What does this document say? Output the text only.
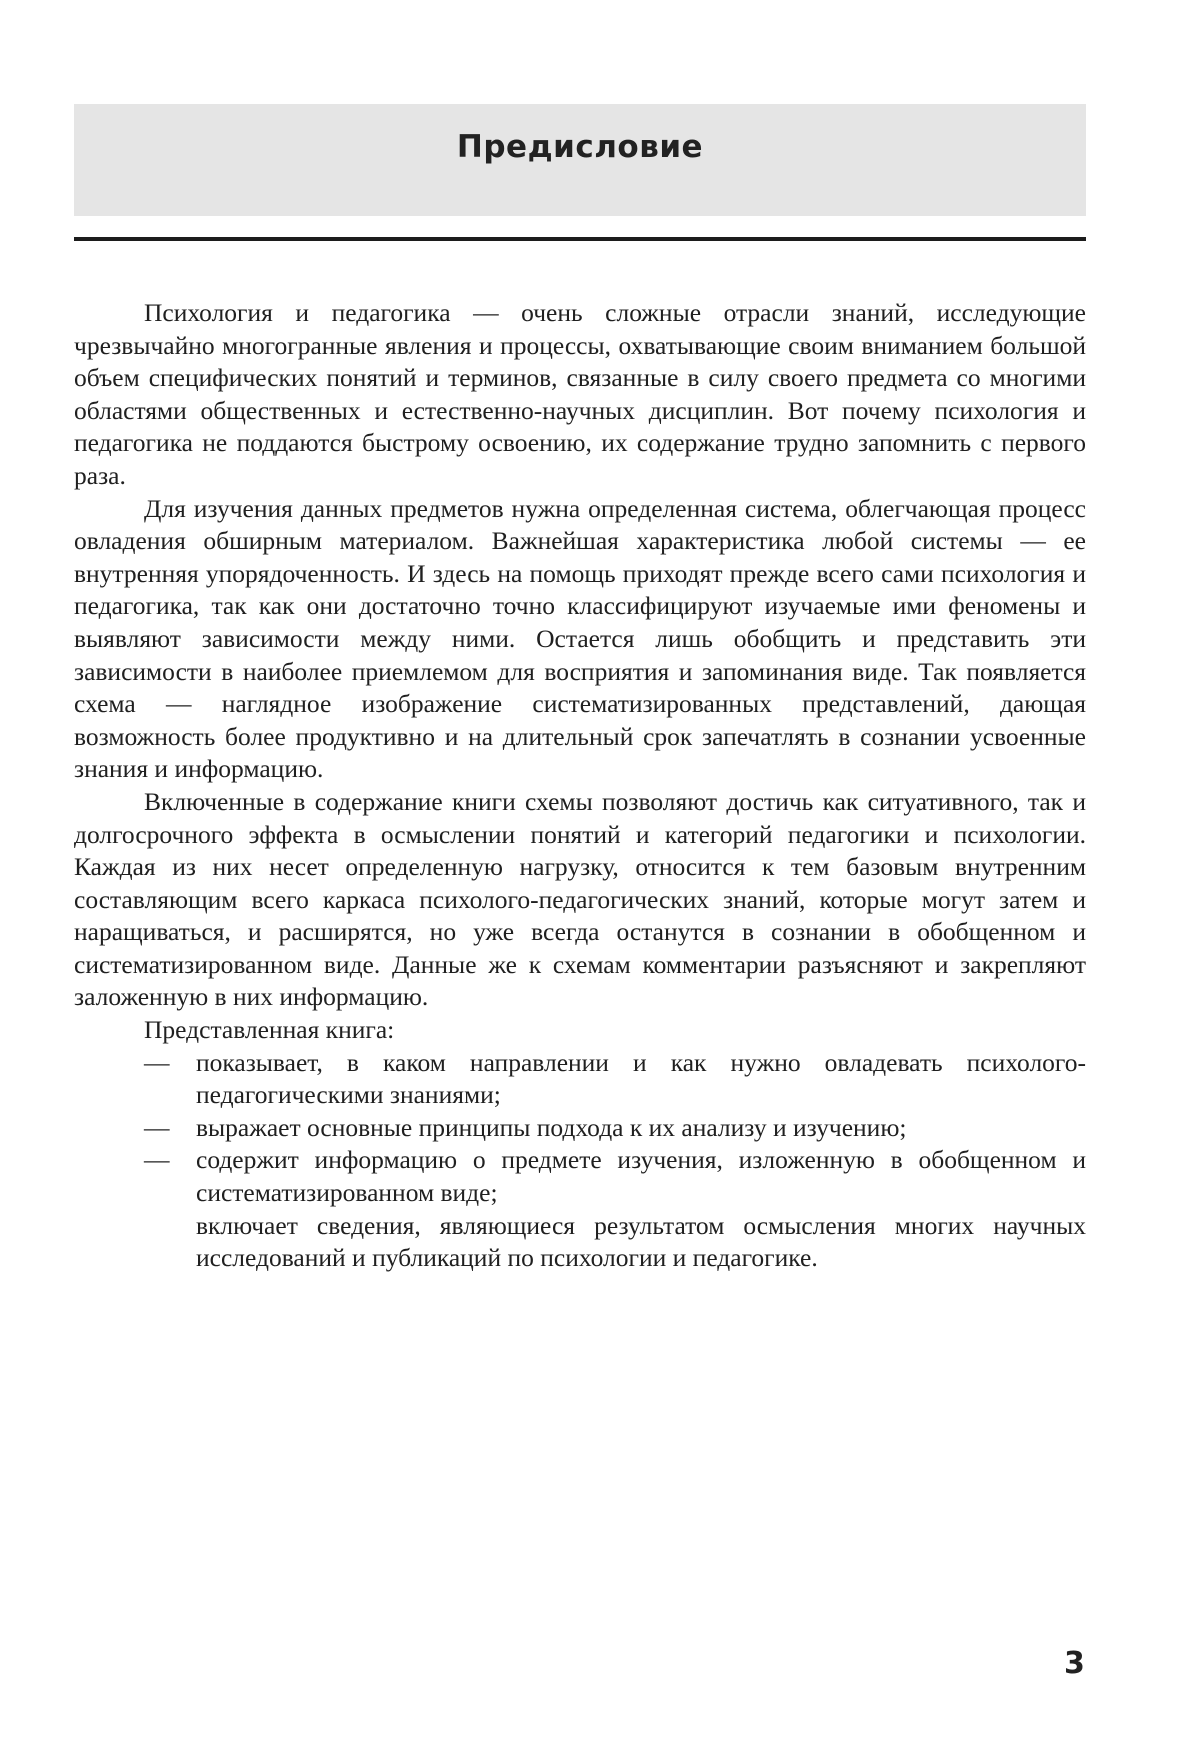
Предисловие

Психология и педагогика — очень сложные отрасли знаний, исследующие чрезвычайно многогранные явления и процессы, охватывающие своим вниманием большой объем специфических понятий и терминов, связанные в силу своего предмета со многими областями общественных и естественно-научных дисциплин. Вот почему психология и педагогика не поддаются быстрому освоению, их содержание трудно запомнить с первого раза.

Для изучения данных предметов нужна определенная система, облегчающая процесс овладения обширным материалом. Важнейшая характеристика любой системы — ее внутренняя упорядоченность. И здесь на помощь приходят прежде всего сами психология и педагогика, так как они достаточно точно классифицируют изучаемые ими феномены и выявляют зависимости между ними. Остается лишь обобщить и представить эти зависимости в наиболее приемлемом для восприятия и запоминания виде. Так появляется схема — наглядное изображение систематизированных представлений, дающая возможность более продуктивно и на длительный срок запечатлять в сознании усвоенные знания и информацию.

Включенные в содержание книги схемы позволяют достичь как ситуативного, так и долгосрочного эффекта в осмыслении понятий и категорий педагогики и психологии. Каждая из них несет определенную нагрузку, относится к тем базовым внутренним составляющим всего каркаса психолого-педагогических знаний, которые могут затем и наращиваться, и расширятся, но уже всегда останутся в сознании в обобщенном и систематизированном виде. Данные же к схемам комментарии разъясняют и закрепляют заложенную в них информацию.

Представленная книга:

— показывает, в каком направлении и как нужно овладевать психолого-педагогическими знаниями;
— выражает основные принципы подхода к их анализу и изучению;
— содержит информацию о предмете изучения, изложенную в обобщенном и систематизированном виде;
включает сведения, являющиеся результатом осмысления многих научных исследований и публикаций по психологии и педагогике.
3
